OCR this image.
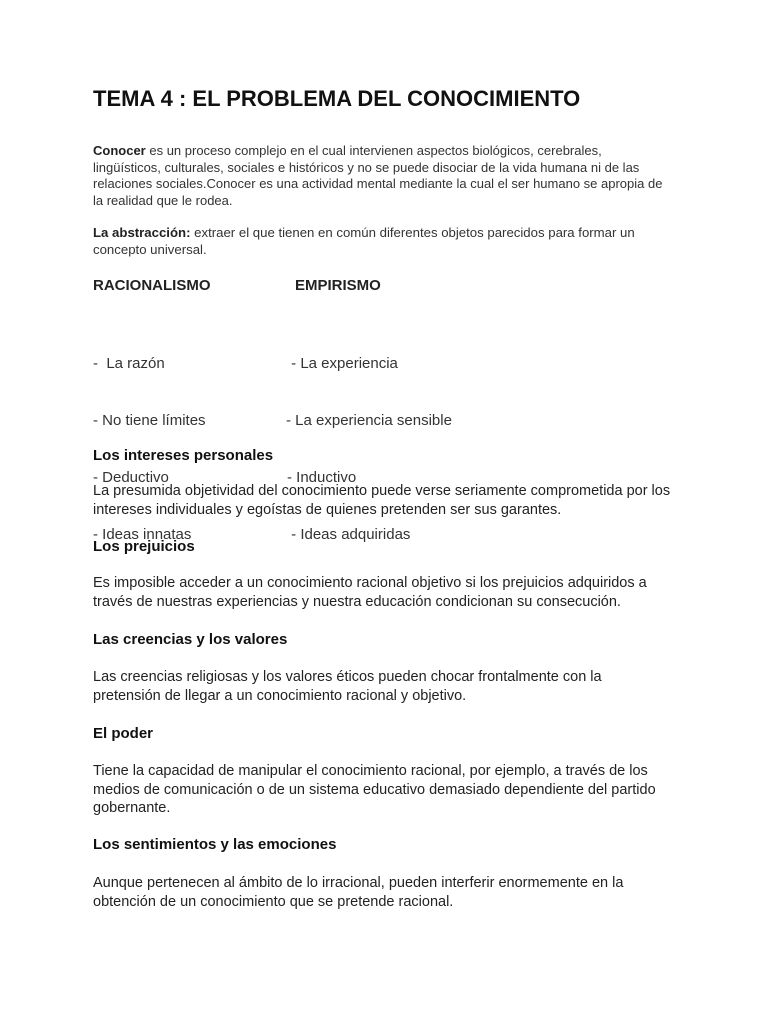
TEMA 4 : EL PROBLEMA DEL CONOCIMIENTO
Conocer es un proceso complejo en el cual intervienen aspectos biológicos, cerebrales, lingüísticos, culturales, sociales e históricos y no se puede disociar de la vida humana ni de las relaciones sociales.Conocer es una actividad mental mediante la cual el ser humano se apropia de la realidad que le rodea.
La abstracción: extraer el que tienen en común diferentes objetos parecidos para formar un concepto universal.
RACIONALISMO	EMPIRISMO

-  La razón

- No tiene límites

- Deductivo

- Ideas innatas

- La experiencia

- La experiencia sensible

- Inductivo

- Ideas adquiridas

Los intereses personales
La presumida objetividad del conocimiento puede verse seriamente comprometida por los intereses individuales y egoístas de quienes pretenden ser sus garantes.
Los prejuicios
Es imposible acceder a un conocimiento racional objetivo si los prejuicios adquiridos a través de nuestras experiencias y nuestra educación condicionan su consecución.
Las creencias y los valores
Las creencias religiosas y los valores éticos pueden chocar frontalmente con la pretensión de llegar a un conocimiento racional y objetivo.
El poder
Tiene la capacidad de manipular el conocimiento racional, por ejemplo, a través de los medios de comunicación o de un sistema educativo demasiado dependiente del partido gobernante.
Los sentimientos y las emociones
Aunque pertenecen al ámbito de lo irracional, pueden interferir enormemente en la obtención de un conocimiento que se pretende racional.
